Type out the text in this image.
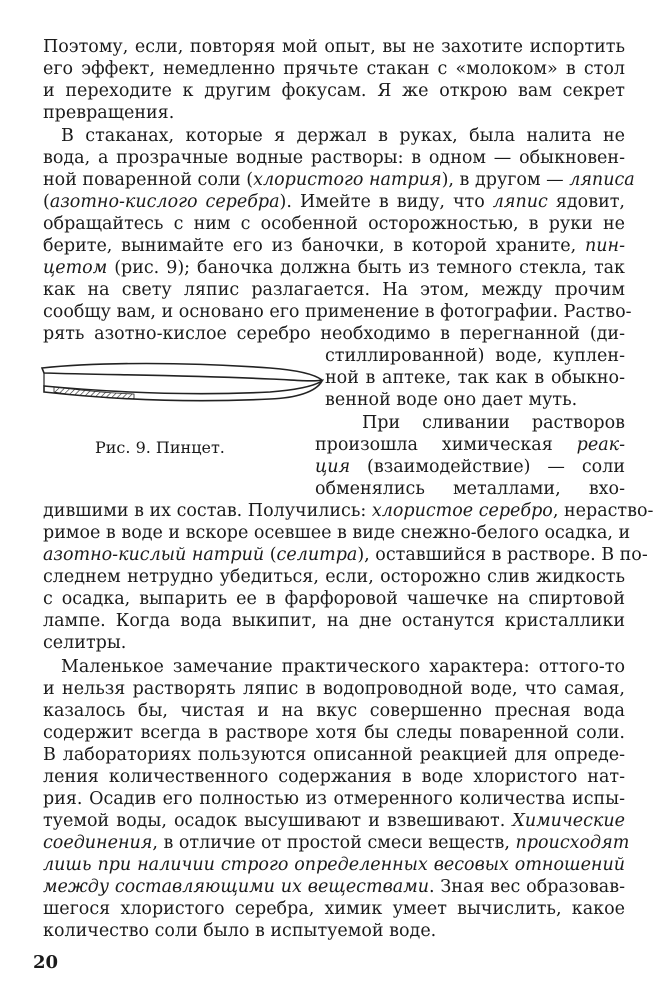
Поэтому, если, повторяя мой опыт, вы не захотите испортить
его эффект, немедленно прячьте стакан с «молоком» в стол
и переходите к другим фокусам. Я же открою вам секрет
превращения.
В стаканах, которые я держал в руках, была налита не
вода, а прозрачные водные растворы: в одном — обыкновен-
ной поваренной соли (хлористого натрия), в другом — ляписа
(азотно-кислого серебра). Имейте в виду, что ляпис ядовит,
обращайтесь с ним с особенной осторожностью, в руки не
берите, вынимайте его из баночки, в которой храните, пин-
цетом (рис. 9); баночка должна быть из темного стекла, так
как на свету ляпис разлагается. На этом, между прочим
сообщу вам, и основано его применение в фотографии. Раство-
рять азотно-кислое серебро необходимо в перегнанной (ди-
стиллированной) воде, куплен-
ной в аптеке, так как в обыкно-
венной воде оно дает муть.
Рис. 9. Пинцет.
При сливании растворов
произошла химическая реак-
ция (взаимодействие) — соли
обменялись металлами, вхо-
дившими в их состав. Получились: хлористое серебро, нераство-
римое в воде и вскоре осевшее в виде снежно-белого осадка, и
азотно-кислый натрий (селитра), оставшийся в растворе. В по-
следнем нетрудно убедиться, если, осторожно слив жидкость
с осадка, выпарить ее в фарфоровой чашечке на спиртовой
лампе. Когда вода выкипит, на дне останутся кристаллики
селитры.
Маленькое замечание практического характера: оттого-то
и нельзя растворять ляпис в водопроводной воде, что самая,
казалось бы, чистая и на вкус совершенно пресная вода
содержит всегда в растворе хотя бы следы поваренной соли.
В лабораториях пользуются описанной реакцией для опреде-
ления количественного содержания в воде хлористого нат-
рия. Осадив его полностью из отмеренного количества испы-
туемой воды, осадок высушивают и взвешивают. Химические
соединения, в отличие от простой смеси веществ, происходят
лишь при наличии строго определенных весовых отношений
между составляющими их веществами. Зная вес образовав-
шегося хлористого серебра, химик умеет вычислить, какое
количество соли было в испытуемой воде.
20
